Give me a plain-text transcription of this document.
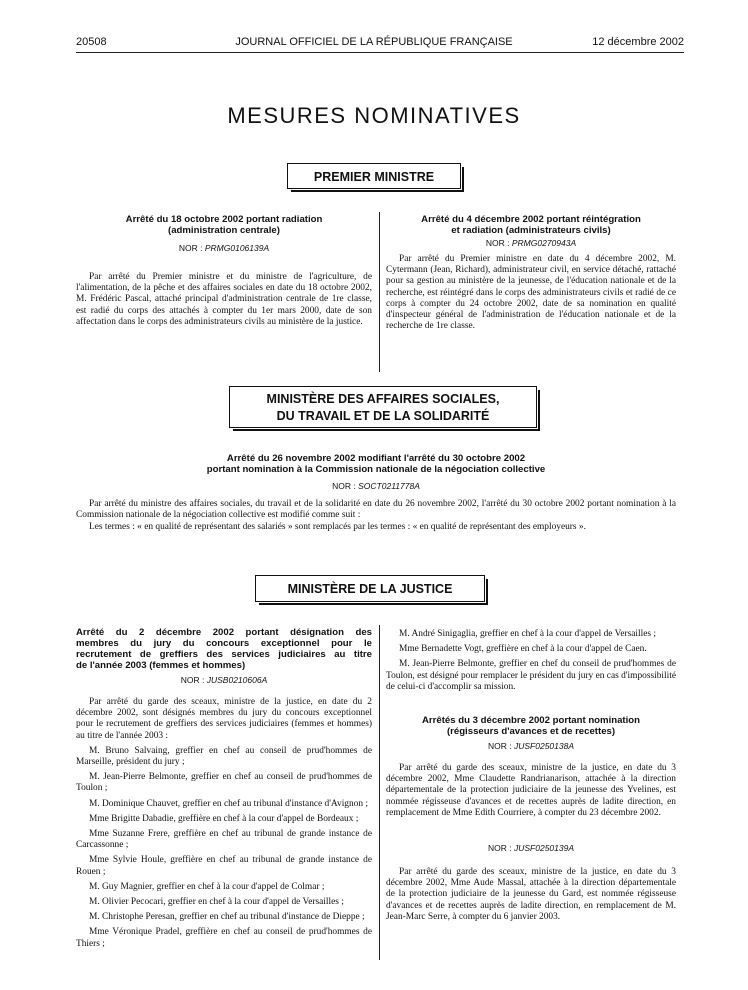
20508	JOURNAL OFFICIEL DE LA RÉPUBLIQUE FRANÇAISE	12 décembre 2002
MESURES NOMINATIVES
PREMIER MINISTRE
Arrêté du 18 octobre 2002 portant radiation
(administration centrale)
NOR : PRMG0106139A

Par arrêté du Premier ministre et du ministre de l'agriculture, de l'alimentation, de la pêche et des affaires sociales en date du 18 octobre 2002, M. Frédéric Pascal, attaché principal d'administration centrale de 1re classe, est radié du corps des attachés à compter du 1er mars 2000, date de son affectation dans le corps des administrateurs civils au ministère de la justice.

Arrêté du 4 décembre 2002 portant réintégration
et radiation (administrateurs civils)
NOR : PRMG0270943A

Par arrêté du Premier ministre en date du 4 décembre 2002, M. Cytermann (Jean, Richard), administrateur civil, en service détaché, rattaché pour sa gestion au ministère de la jeunesse, de l'éducation nationale et de la recherche, est réintégré dans le corps des administrateurs civils et radié de ce corps à compter du 24 octobre 2002, date de sa nomination en qualité d'inspecteur général de l'administration de l'éducation nationale et de la recherche de 1re classe.

MINISTÈRE DES AFFAIRES SOCIALES,
DU TRAVAIL ET DE LA SOLIDARITÉ
Arrêté du 26 novembre 2002 modifiant l'arrêté du 30 octobre 2002
portant nomination à la Commission nationale de la négociation collective
NOR : SOCT0211778A

Par arrêté du ministre des affaires sociales, du travail et de la solidarité en date du 26 novembre 2002, l'arrêté du 30 octobre 2002 portant nomination à la Commission nationale de la négociation collective est modifié comme suit :

Les termes : « en qualité de représentant des salariés » sont remplacés par les termes : « en qualité de représentant des employeurs ».

MINISTÈRE DE LA JUSTICE
Arrêté du 2 décembre 2002 portant désignation des
membres du jury du concours exceptionnel pour le
recrutement de greffiers des services judiciaires au titre
de l'année 2003 (femmes et hommes)
NOR : JUSB0210606A

Par arrêté du garde des sceaux, ministre de la justice, en date du 2 décembre 2002, sont désignés membres du jury du concours exceptionnel pour le recrutement de greffiers des services judiciaires (femmes et hommes) au titre de l'année 2003 :

M. Bruno Salvaing, greffier en chef au conseil de prud'hommes de Marseille, président du jury ;

M. Jean-Pierre Belmonte, greffier en chef au conseil de prud'hommes de Toulon ;

M. Dominique Chauvet, greffier en chef au tribunal d'instance d'Avignon ;

Mme Brigitte Dabadie, greffière en chef à la cour d'appel de Bordeaux ;

Mme Suzanne Frere, greffière en chef au tribunal de grande instance de Carcassonne ;

Mme Sylvie Houle, greffière en chef au tribunal de grande instance de Rouen ;

M. Guy Magnier, greffier en chef à la cour d'appel de Colmar ;

M. Olivier Pecocari, greffier en chef à la cour d'appel de Versailles ;

M. Christophe Peresan, greffier en chef au tribunal d'instance de Dieppe ;

Mme Véronique Pradel, greffière en chef au conseil de prud'hommes de Thiers ;

M. André Sinigaglia, greffier en chef à la cour d'appel de Versailles ;

Mme Bernadette Vogt, greffière en chef à la cour d'appel de Caen.

M. Jean-Pierre Belmonte, greffier en chef du conseil de prud'hommes de Toulon, est désigné pour remplacer le président du jury en cas d'impossibilité de celui-ci d'accomplir sa mission.

Arrêtés du 3 décembre 2002 portant nomination
(régisseurs d'avances et de recettes)
NOR : JUSF0250138A

Par arrêté du garde des sceaux, ministre de la justice, en date du 3 décembre 2002, Mme Claudette Randrianarison, attachée à la direction départementale de la protection judiciaire de la jeunesse des Yvelines, est nommée régisseuse d'avances et de recettes auprès de ladite direction, en remplacement de Mme Edith Courriere, à compter du 23 décembre 2002.

NOR : JUSF0250139A

Par arrêté du garde des sceaux, ministre de la justice, en date du 3 décembre 2002, Mme Aude Massal, attachée à la direction départementale de la protection judiciaire de la jeunesse du Gard, est nommée régisseuse d'avances et de recettes auprès de ladite direction, en remplacement de M. Jean-Marc Serre, à compter du 6 janvier 2003.
